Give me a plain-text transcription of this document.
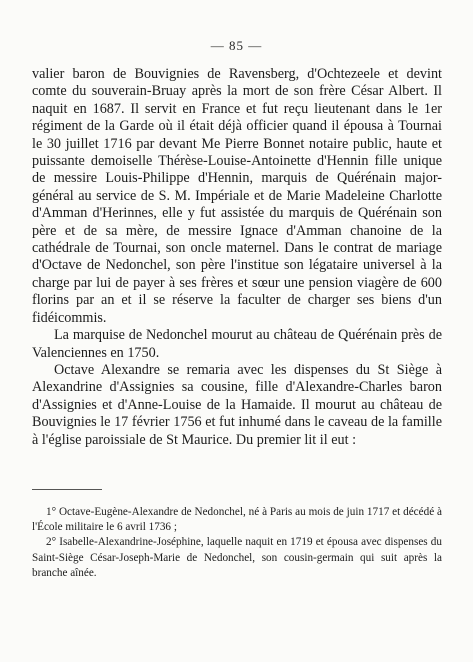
— 85 —

valier baron de Bouvignies de Ravensberg, d'Ochtezeele et devint comte du souverain-Bruay après la mort de son frère César Albert. Il naquit en 1687. Il servit en France et fut reçu lieutenant dans le 1er régiment de la Garde où il était déjà officier quand il épousa à Tournai le 30 juillet 1716 par devant Me Pierre Bonnet notaire public, haute et puissante demoiselle Thérèse-Louise-Antoinette d'Hennin fille unique de messire Louis-Philippe d'Hennin, marquis de Quérénain major-général au service de S. M. Impériale et de Marie Madeleine Charlotte d'Amman d'Herinnes, elle y fut assistée du marquis de Quérénain son père et de sa mère, de messire Ignace d'Amman chanoine de la cathédrale de Tournai, son oncle maternel. Dans le contrat de mariage d'Octave de Nedonchel, son père l'institue son légataire universel à la charge par lui de payer à ses frères et sœur une pension viagère de 600 florins par an et il se réserve la faculter de charger ses biens d'un fidéicommis.

La marquise de Nedonchel mourut au château de Quérénain près de Valenciennes en 1750.

Octave Alexandre se remaria avec les dispenses du St Siège à Alexandrine d'Assignies sa cousine, fille d'Alexandre-Charles baron d'Assignies et d'Anne-Louise de la Hamaide. Il mourut au château de Bouvignies le 17 février 1756 et fut inhumé dans le caveau de la famille à l'église paroissiale de St Maurice. Du premier lit il eut :

1° Octave-Eugène-Alexandre de Nedonchel, né à Paris au mois de juin 1717 et décédé à l'École militaire le 6 avril 1736 ;

2° Isabelle-Alexandrine-Joséphine, laquelle naquit en 1719 et épousa avec dispenses du Saint-Siège César-Joseph-Marie de Nedonchel, son cousin-germain qui suit après la branche aînée.
